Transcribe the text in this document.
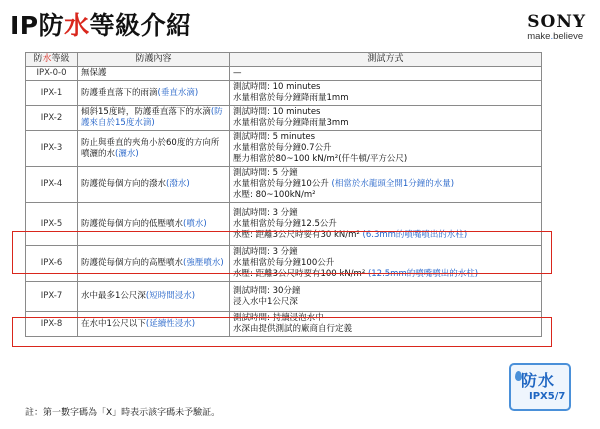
IP防水等級介紹	SONY
make.believe
防水等級	防護內容	測試方式
IPX-0-0	無保護	—

IPX-1	防護垂直落下的雨滴(垂直水滴)	測試時間: 10 minutes
水量相當於每分鐘降雨量1mm

IPX-2	傾斜15度時，防護垂直落下的水滴(防護來自於15度水滴)	測試時間: 10 minutes
水量相當於每分鐘降雨量3mm

IPX-3	防止與垂直的夾角小於60度的方向所噴灑的水(灑水)	測試時間: 5 minutes
水量相當於每分鐘0.7公升
壓力相當於80~100 kN/m²(仟牛頓/平方公尺)

IPX-4	防護從每個方向的潑水(潑水)	測試時間: 5 分鐘
水量相當於每分鐘10公升 (相當於水龍頭全開1分鐘的水量)
水壓: 80~100kN/m²

IPX-5	防護從每個方向的低壓噴水(噴水)	測試時間: 3 分鐘
水量相當於每分鐘12.5公升
水壓: 距離3公尺時要有30 kN/m² (6.3mm的噴嘴噴出的水柱)

IPX-6	防護從每個方向的高壓噴水(強壓噴水)	測試時間: 3 分鐘
水量相當於每分鐘100公升
水壓: 距離3公尺時要有100 kN/m² (12.5mm的噴嘴噴出的水柱)

IPX-7	水中最多1公尺深(短時間浸水)	測試時間: 30分鐘
浸入水中1公尺深

IPX-8	在水中1公尺以下(延續性浸水)	測試時間: 持續浸泡水中
水深由提供測試的廠商自行定義
註：第一數字碼為「X」時表示該字碼未予驗証。
防水
IPX5/7
